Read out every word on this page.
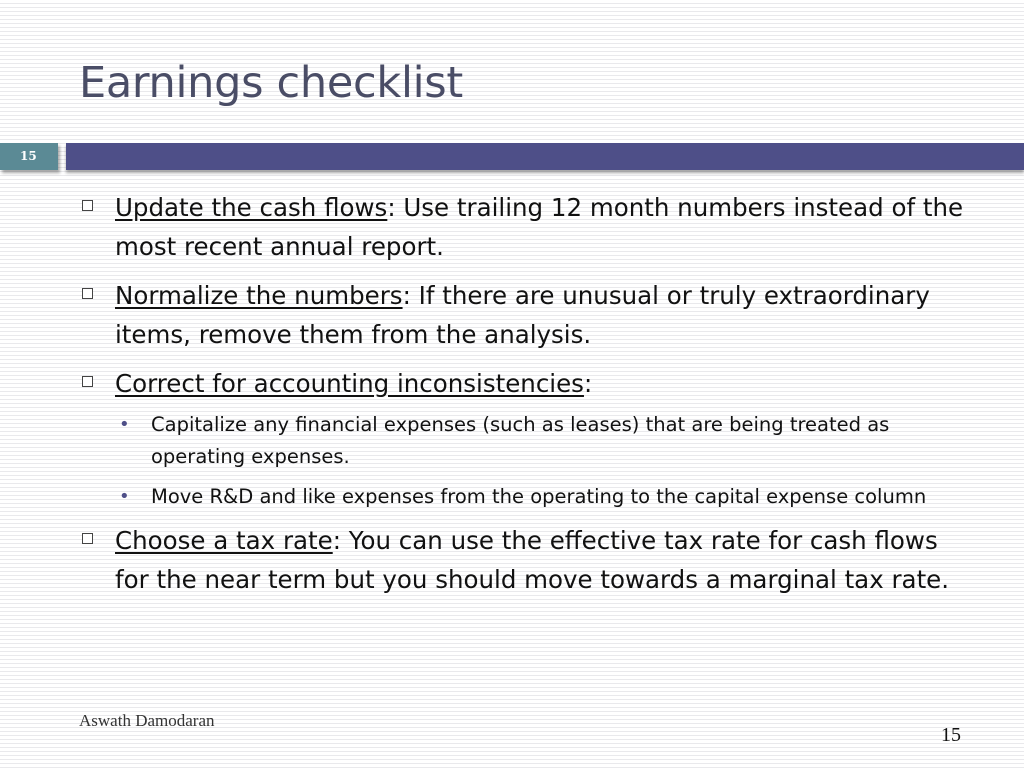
Earnings checklist
15
Update the cash flows: Use trailing 12 month numbers instead of the most recent annual report.
Normalize the numbers: If there are unusual or truly extraordinary items, remove them from the analysis.
Correct for accounting inconsistencies:
• Capitalize any financial expenses (such as leases) that are being treated as operating expenses.
• Move R&D and like expenses from the operating to the capital expense column
Choose a tax rate: You can use the effective tax rate for cash flows for the near term but you should move towards a marginal tax rate.
Aswath Damodaran
15
